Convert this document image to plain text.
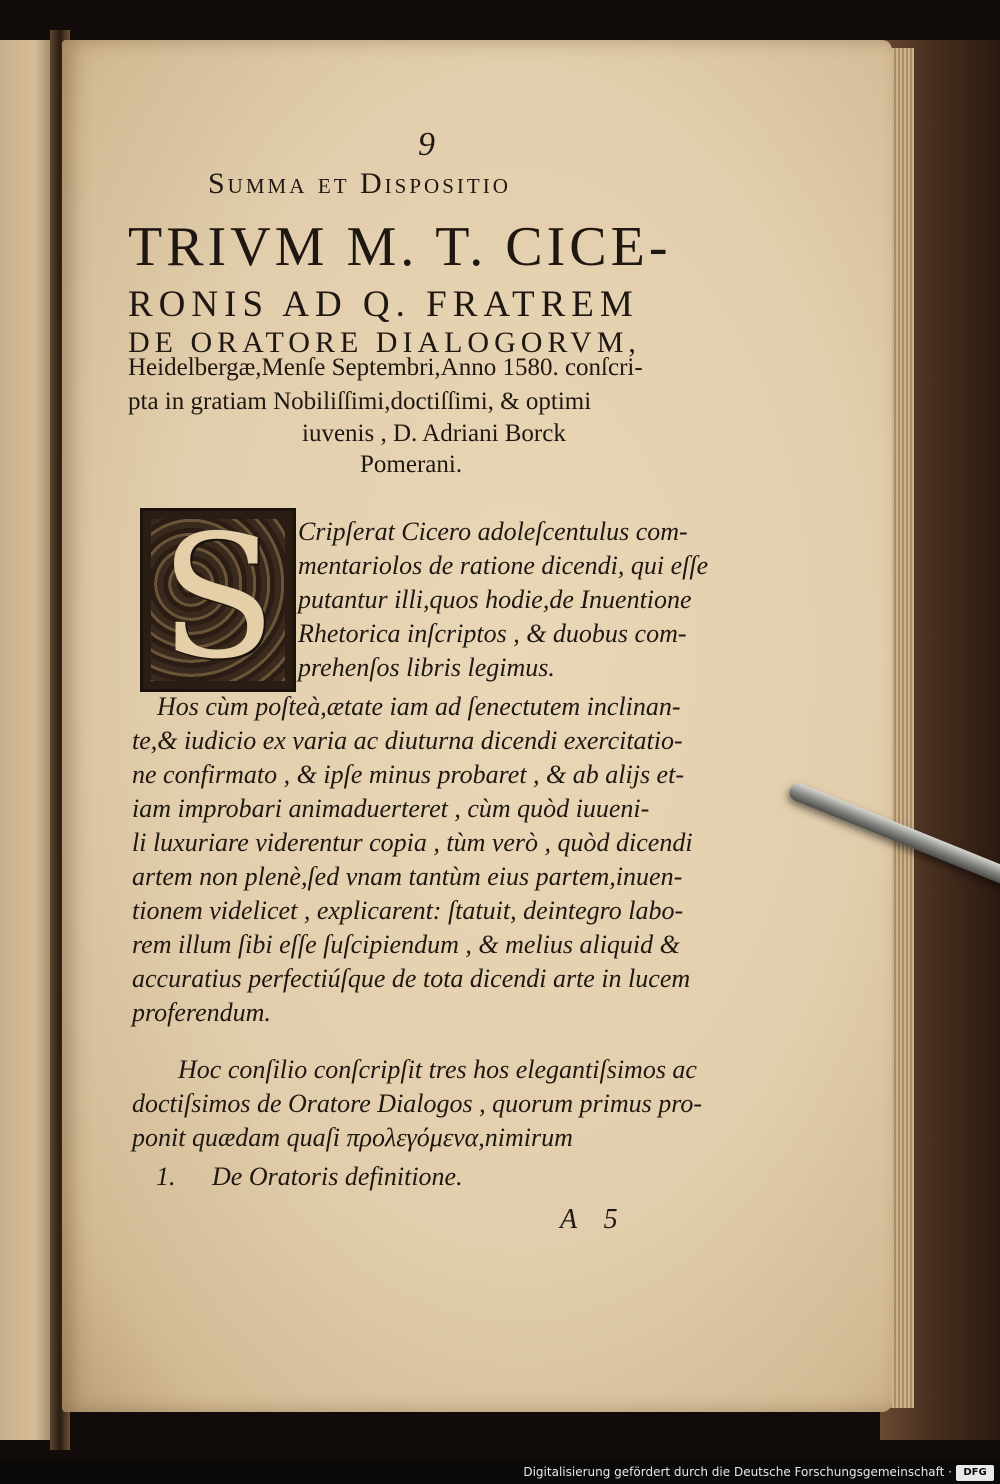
9
Summa et Dispositio
TRIVM M. T. CICE-
RONIS AD Q. FRATREM
DE ORATORE DIALOGORVM,
Heidelbergæ,Menſe Septembri,Anno 1580. conſcri-
pta in gratiam Nobiliſſimi,doctiſſimi, & optimi
iuvenis , D. Adriani Borck
Pomerani.
S Cripſerat Cicero adoleſcentulus com-
mentariolos de ratione dicendi, qui eſſe
putantur illi,quos hodie,de Inuentione
Rhetorica inſcriptos , & duobus com-
prehenſos libris legimus.
Hos cùm poſteà,ætate iam ad ſenectutem inclinan-
te,& iudicio ex varia ac diuturna dicendi exercitatio-
ne confirmato , & ipſe minus probaret , & ab alijs et-
iam improbari animaduerteret , cùm quòd iuueni-
li luxuriare viderentur copia , tùm verò , quòd dicendi
artem non plenè,ſed vnam tantùm eius partem,inuen-
tionem videlicet , explicarent: ſtatuit, deintegro labo-
rem illum ſibi eſſe ſuſcipiendum , & melius aliquid &
accuratius perfectiúſque de tota dicendi arte in lucem
proferendum.
Hoc conſilio conſcripſit tres hos elegantiſsimos ac
doctiſsimos de Oratore Dialogos , quorum primus pro-
ponit quædam quaſi προλεγόμενα,nimirum
1. De Oratoris definitione.
A 5
Digitalisierung gefördert durch die Deutsche Forschungsgemeinschaft ·	DFG
